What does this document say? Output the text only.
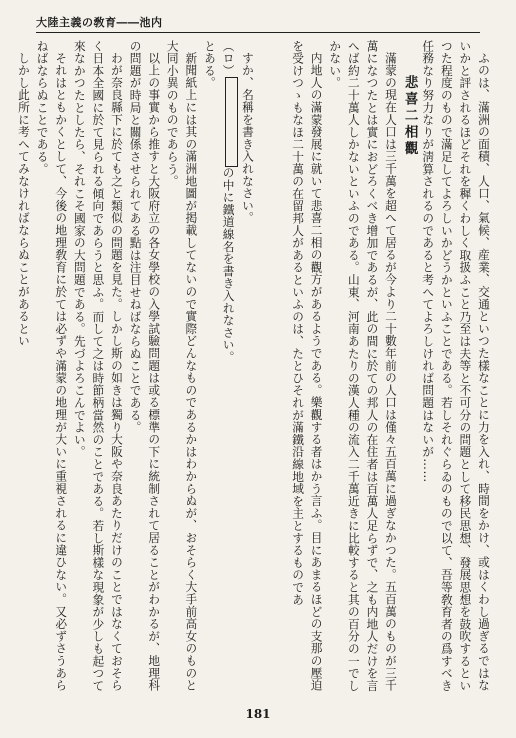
大陸主義の敎育――池内

ふのは、滿洲の面積、人口、氣候、産業、交通といつた樣なことに力を入れ、時間をかけ、或はくわし過ぎるではないかと評されるほどそれを穉くわしく取扱ふこと乃至は夫等と不可分の問題として移民思想、發展思想を鼓吹するといつた程度のもので滿足してよろしいかどうかといふことである。若しそれぐらゐのもので以て、吾等敎育者の爲すべき任務なり努力なりが淸算されるのであると考へてよろしければ問題はないが……

悲喜二相觀

滿蒙の現在人口は三千萬を超へて居るが今より二十數年前の人口は僅々五百萬に過ぎなかつた。五百萬のものが三千萬になつたとは實におどろくべき增加であるが、此の間に於ての邦人の在住者は百萬人足らずで、之も内地人だけを言へば約二十萬人しかないといふのである。山東、河南あたりの漢人種の流入二千萬近きに比較すると其の百分の一でしかない。

内地人の滿蒙發展に就いて悲喜二相の觀方があるようである。樂觀する者はかう言ふ。目にあまるほどの支那の壓迫を受けつゝもなほ二十萬の在留邦人があるといふのは、たとひそれが滿鐵沿線地域を主とするものであ

すか、名稱を書き入れなさい。

（ロ）の中に鐵道線名を書き入れなさい。

とある。

新聞紙上には其の滿洲地圖が掲載してないので實際どんなものであるかはわからぬが、おそらく大手前高女のものと大同小異のものであらう。

以上の事實から推すと大阪府立の各女學校の入學試驗問題は或る標準の下に統制されて居ることがわかるが、地理科の問題が時局と關係させられてある點は注目せねばならぬことである。

わが奈良縣下に於ても之と類似の問題を見た。しかし斯の如きは獨り大阪や奈良あたりだけのことではなくておそらく日本全國に於て見られる傾向であらうと思ふ。而して之は時節柄當然のことである。若し斯樣な現象が少しも起つて來なかつたとしたら、それこそ國家の大問題である。先づよろこんでよい。

それはともかくとして、今後の地理敎育に於ては必ずや滿蒙の地理が大いに重視されるに違ひない。又必ずさうあらねばならぬことである。

しかし此所に考へてみなければならぬことがあるとい

181
